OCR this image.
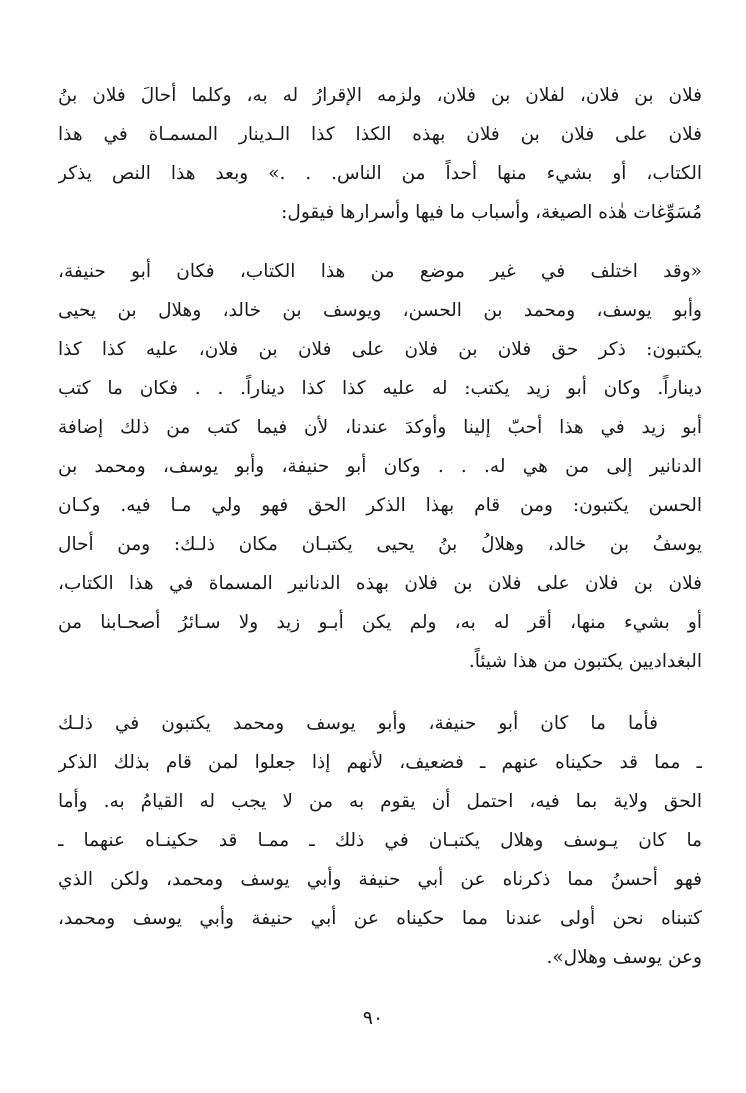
فلان بن فلان، لفلان بن فلان، ولزمه الإقرارُ له به، وكلما أحالَ فلان بنُ
فلان على فلان بن فلان بهذه الكذا كذا الـدينار المسمـاة في هذا
الكتاب، أو بشيء منها أحداً من الناس. . .» وبعد هذا النص يذكر
مُسَوِّغات هٰذه الصيغة، وأسباب ما فيها وأسرارها فيقول:
«وقد اختلف في غير موضع من هذا الكتاب، فكان أبو حنيفة،
وأبو يوسف، ومحمد بن الحسن، ويوسف بن خالد، وهلال بن يحيى
يكتبون: ذكر حق فلان بن فلان على فلان بن فلان، عليه كذا كذا
ديناراً. وكان أبو زيد يكتب: له عليه كذا كذا ديناراً. . . فكان ما كتب
أبو زيد في هذا أحبّ إلينا وأوكدَ عندنا، لأن فيما كتب من ذلك إضافة
الدنانير إلى من هي له. . . وكان أبو حنيفة، وأبو يوسف، ومحمد بن
الحسن يكتبون: ومن قام بهذا الذكر الحق فهو ولي مـا فيه. وكـان
يوسفُ بن خالد، وهلالُ بنُ يحيى يكتبـان مكان ذلـك: ومن أحال
فلان بن فلان على فلان بن فلان بهذه الدنانير المسماة في هذا الكتاب،
أو بشيء منها، أقر له به، ولم يكن أبـو زيد ولا سـائرُ أصحـابنا من
البغداديين يكتبون من هذا شيئاً.
فأما ما كان أبو حنيفة، وأبو يوسف ومحمد يكتبون في ذلـك
ـ مما قد حكيناه عنهم ـ فضعيف، لأنهم إذا جعلوا لمن قام بذلك الذكر
الحق ولاية بما فيه، احتمل أن يقوم به من لا يجب له القيامُ به. وأما
ما كان يـوسف وهلال يكتبـان في ذلك ـ ممـا قد حكينـاه عنهما ـ
فهو أحسنُ مما ذكرناه عن أبي حنيفة وأبي يوسف ومحمد، ولكن الذي
كتبناه نحن أولى عندنا مما حكيناه عن أبي حنيفة وأبي يوسف ومحمد،
وعن يوسف وهلال».
٩٠
